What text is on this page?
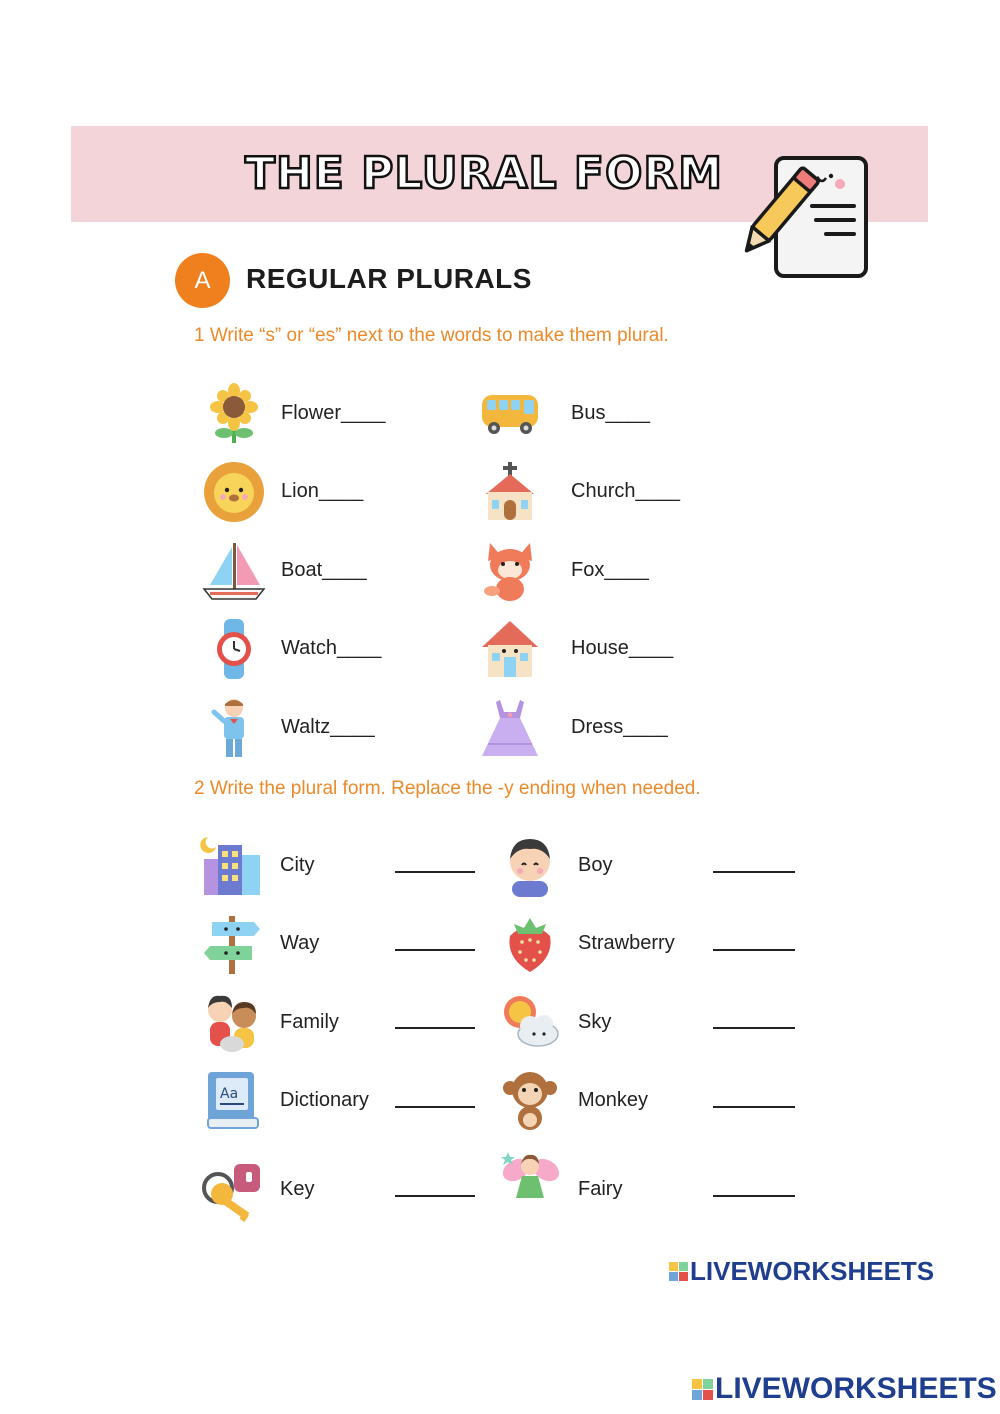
THE PLURAL FORM
A	REGULAR PLURALS
1 Write “s” or “es” next to the words to make them plural.
Flower____	Bus____
Lion____	Church____
Boat____	Fox____
Watch____	House____
Waltz____	Dress____
2 Write the plural form. Replace the -y ending when needed.
City	Boy
Way	Strawberry
Family	Sky
Aa Dictionary	Monkey
Key	Fairy
LIVEWORKSHEETS
LIVEWORKSHEETS
